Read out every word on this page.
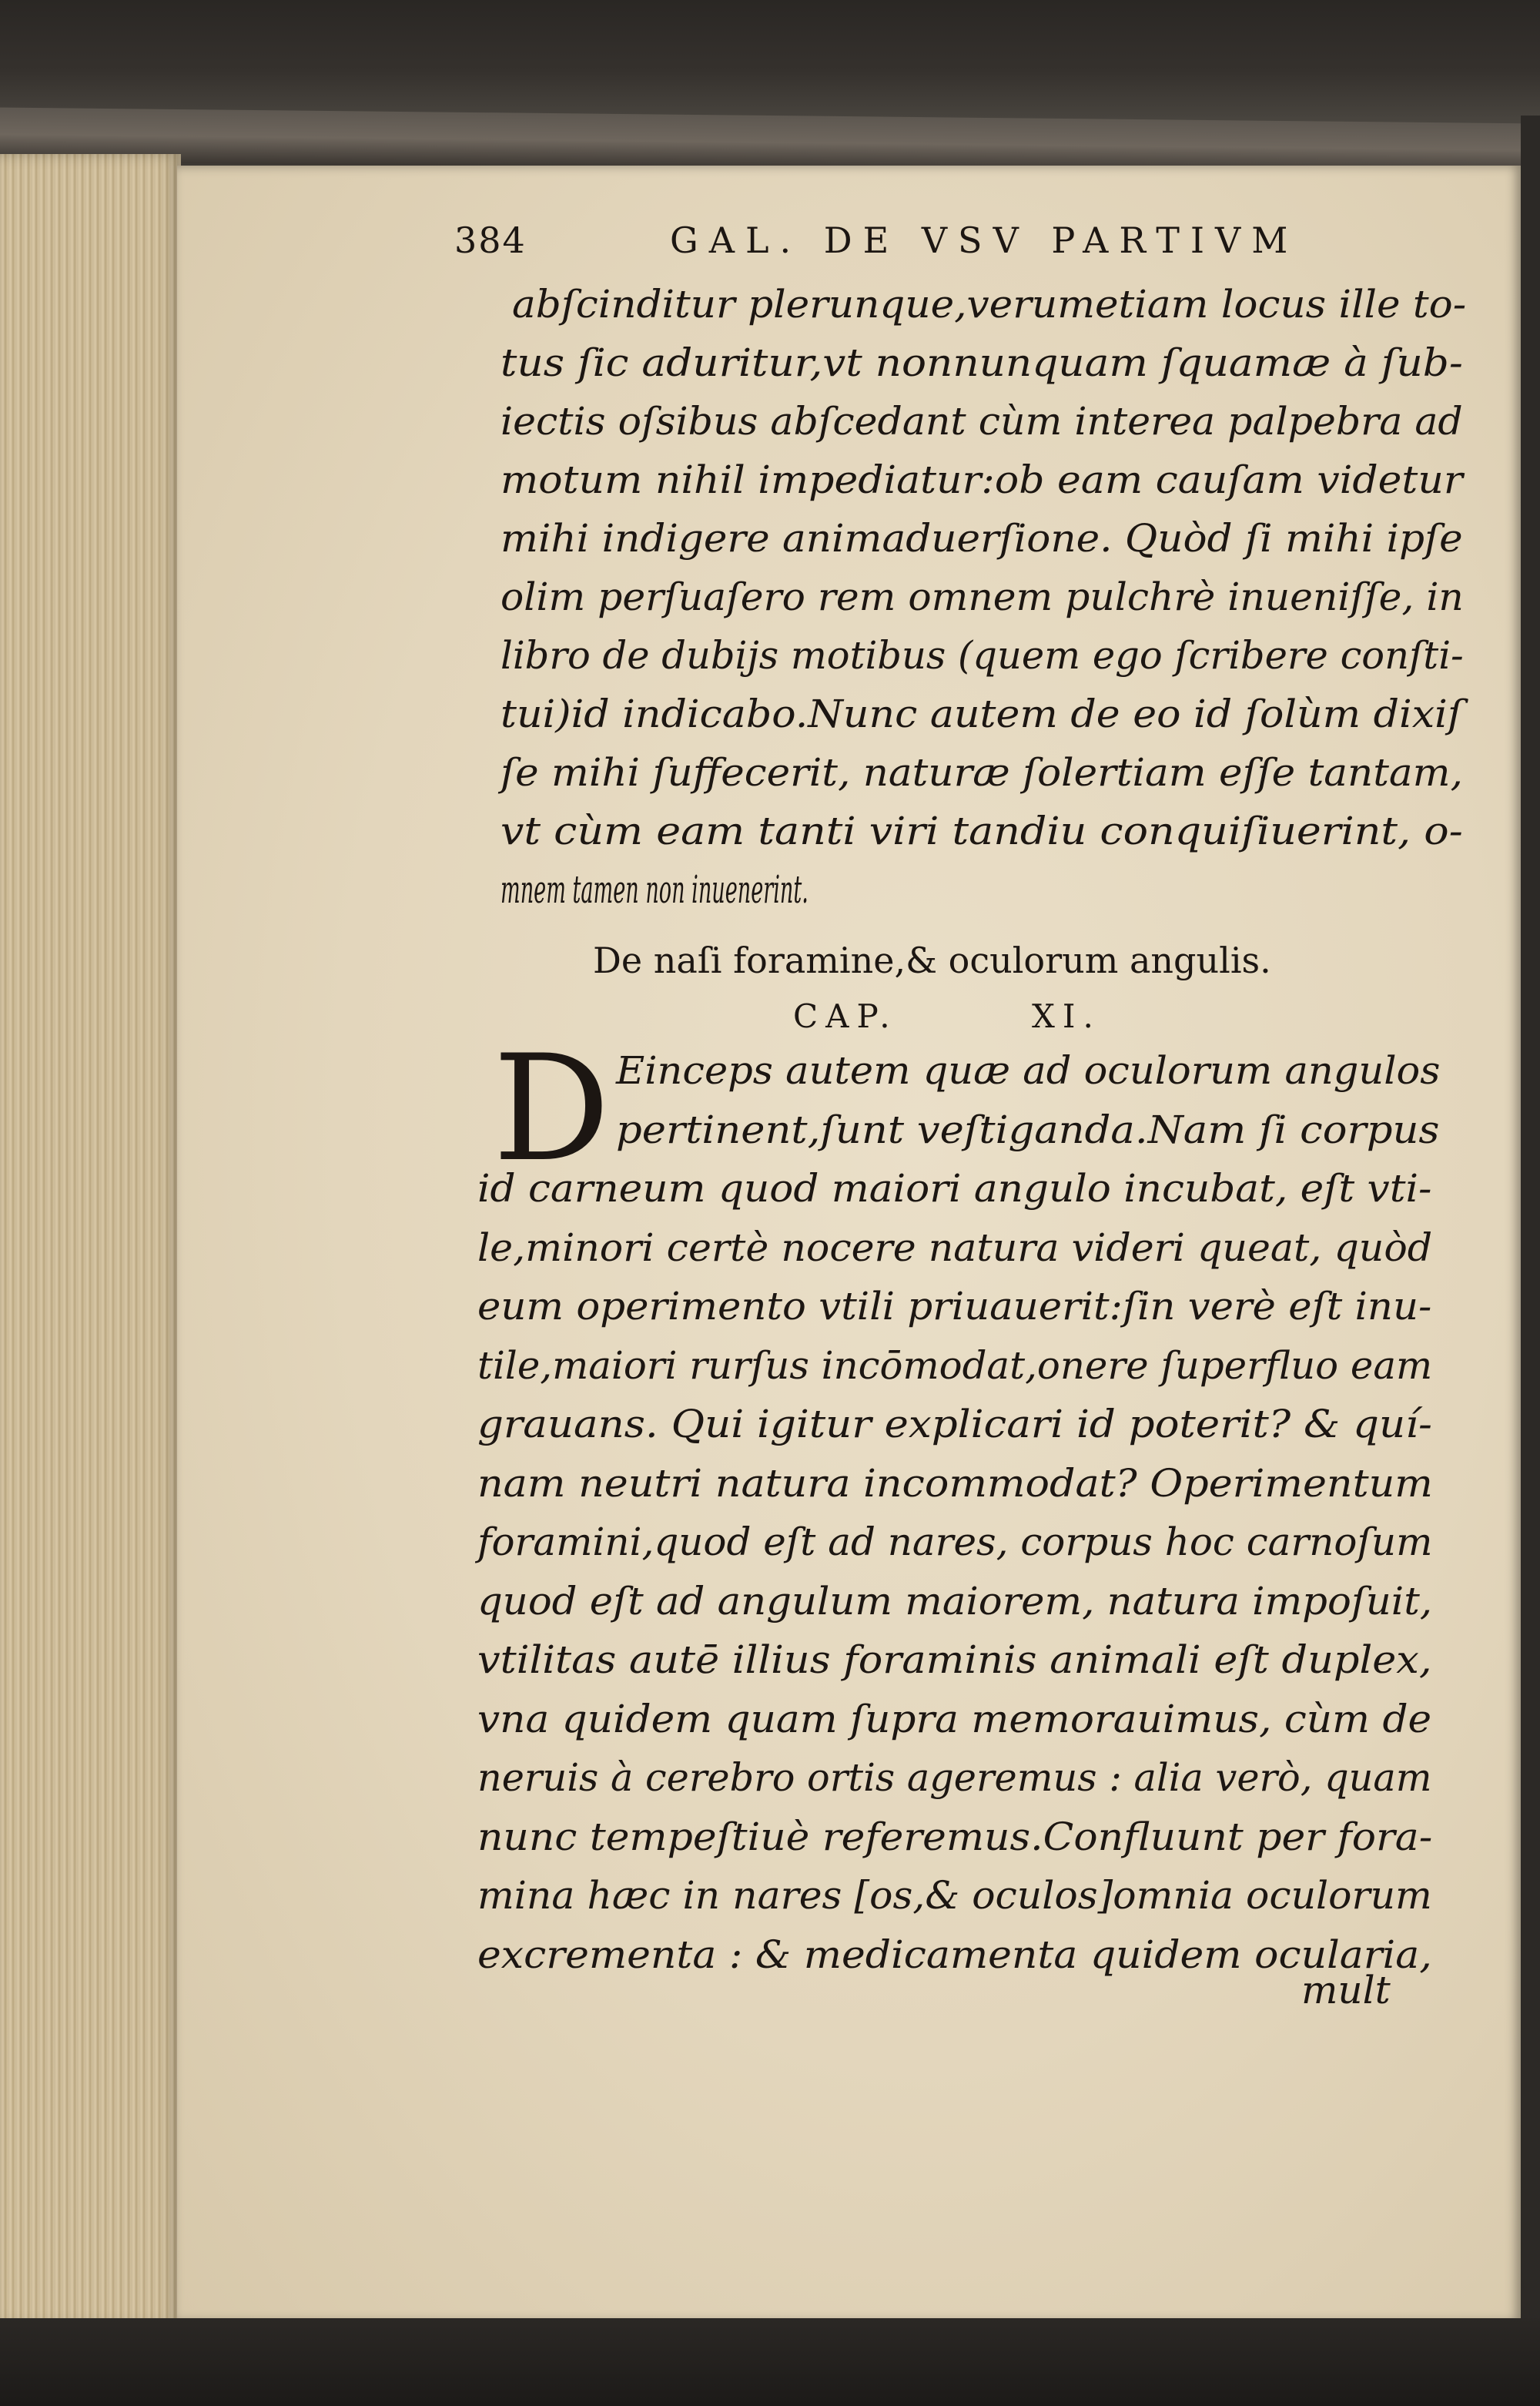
384	GAL. DE VSV PARTIVM
abſcinditur plerunque,verumetiam locus ille to-
tus ſic aduritur,vt nonnunquam ſquamæ à ſub-
iectis oſsibus abſcedant cùm interea palpebra ad
motum nihil impediatur:ob eam cauſam videtur
mihi indigere animaduerſione. Quòd ſi mihi ipſe
olim perſuaſero rem omnem pulchrè inueniſſe, in
libro de dubijs motibus (quem ego ſcribere conſti-
tui)id indicabo.Nunc autem de eo id ſolùm dixiſ
ſe mihi ſuffecerit, naturæ ſolertiam eſſe tantam,
vt cùm eam tanti viri tandiu conquiſiuerint, o-
mnem tamen non inuenerint.
De naſi foramine,& oculorum angulis.
CAP.	XI.
D Einceps autem quæ ad oculorum angulos
pertinent,ſunt veſtiganda.Nam ſi corpus
id carneum quod maiori angulo incubat, eſt vti-
le,minori certè nocere natura videri queat, quòd
eum operimento vtili priuauerit:ſin verè eſt inu-
tile,maiori rurſus incōmodat,onere ſuperfluo eam
grauans. Qui igitur explicari id poterit? & quí-
nam neutri natura incommodat? Operimentum
foramini,quod eſt ad nares, corpus hoc carnoſum
quod eſt ad angulum maiorem, natura impoſuit,
vtilitas autē illius foraminis animali eſt duplex,
vna quidem quam ſupra memorauimus, cùm de
neruis à cerebro ortis ageremus : alia verò, quam
nunc tempeſtiuè referemus.Confluunt per fora-
mina hæc in nares [os,& oculos]omnia oculorum
excrementa : & medicamenta quidem ocularia,
mult
